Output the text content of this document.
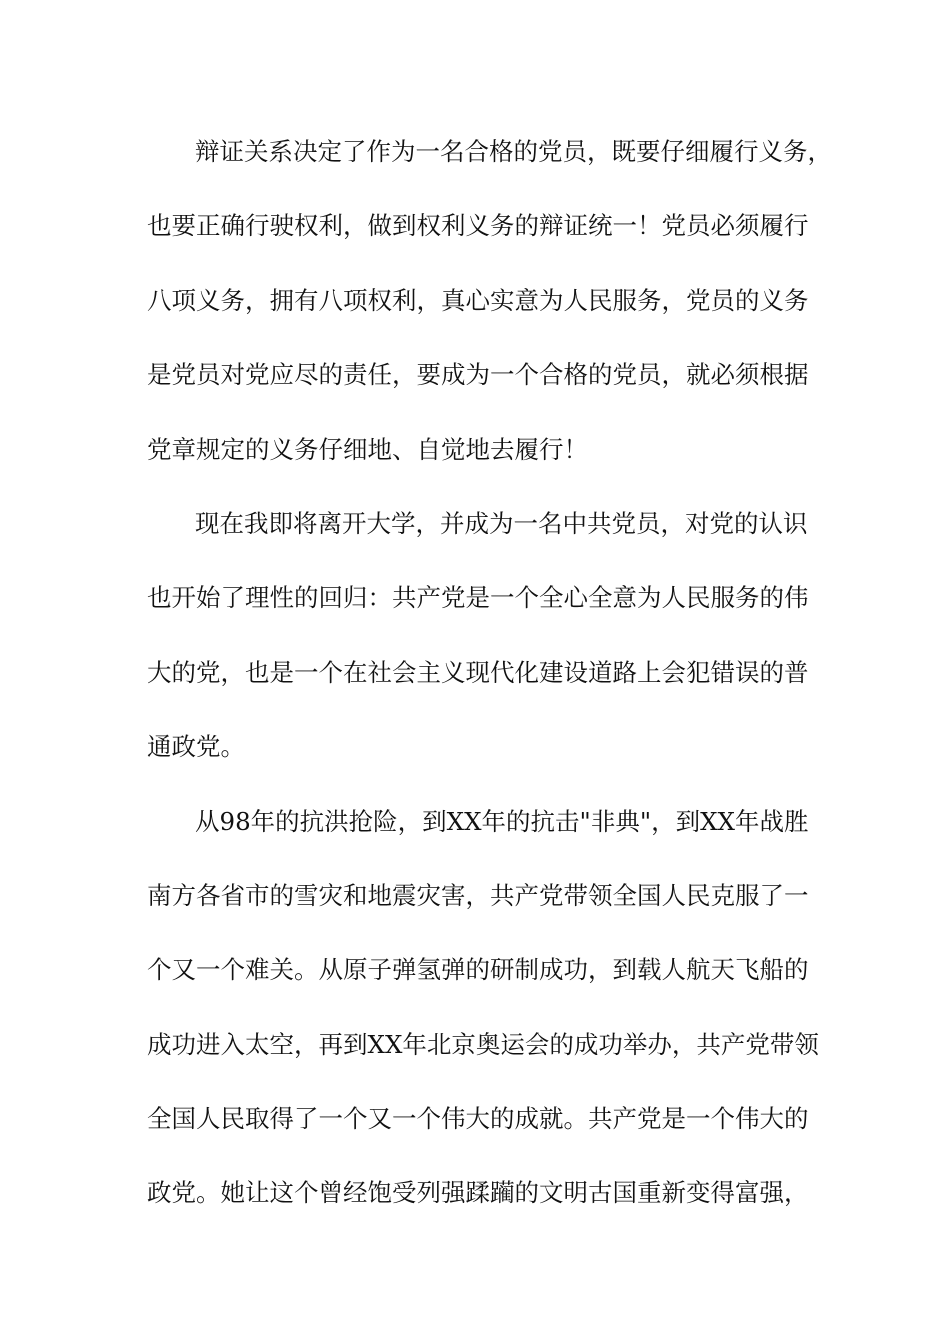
辩证关系决定了作为一名合格的党员，既要仔细履行义务，
也要正确行驶权利，做到权利义务的辩证统一！党员必须履行
八项义务，拥有八项权利，真心实意为人民服务，党员的义务
是党员对党应尽的责任，要成为一个合格的党员，就必须根据
党章规定的义务仔细地、自觉地去履行！
现在我即将离开大学，并成为一名中共党员，对党的认识
也开始了理性的回归：共产党是一个全心全意为人民服务的伟
大的党，也是一个在社会主义现代化建设道路上会犯错误的普
通政党。
从98年的抗洪抢险，到XX年的抗击"非典"，到XX年战胜
南方各省市的雪灾和地震灾害，共产党带领全国人民克服了一
个又一个难关。从原子弹氢弹的研制成功，到载人航天飞船的
成功进入太空，再到XX年北京奥运会的成功举办，共产党带领
全国人民取得了一个又一个伟大的成就。共产党是一个伟大的
政党。她让这个曾经饱受列强蹂躏的文明古国重新变得富强，
